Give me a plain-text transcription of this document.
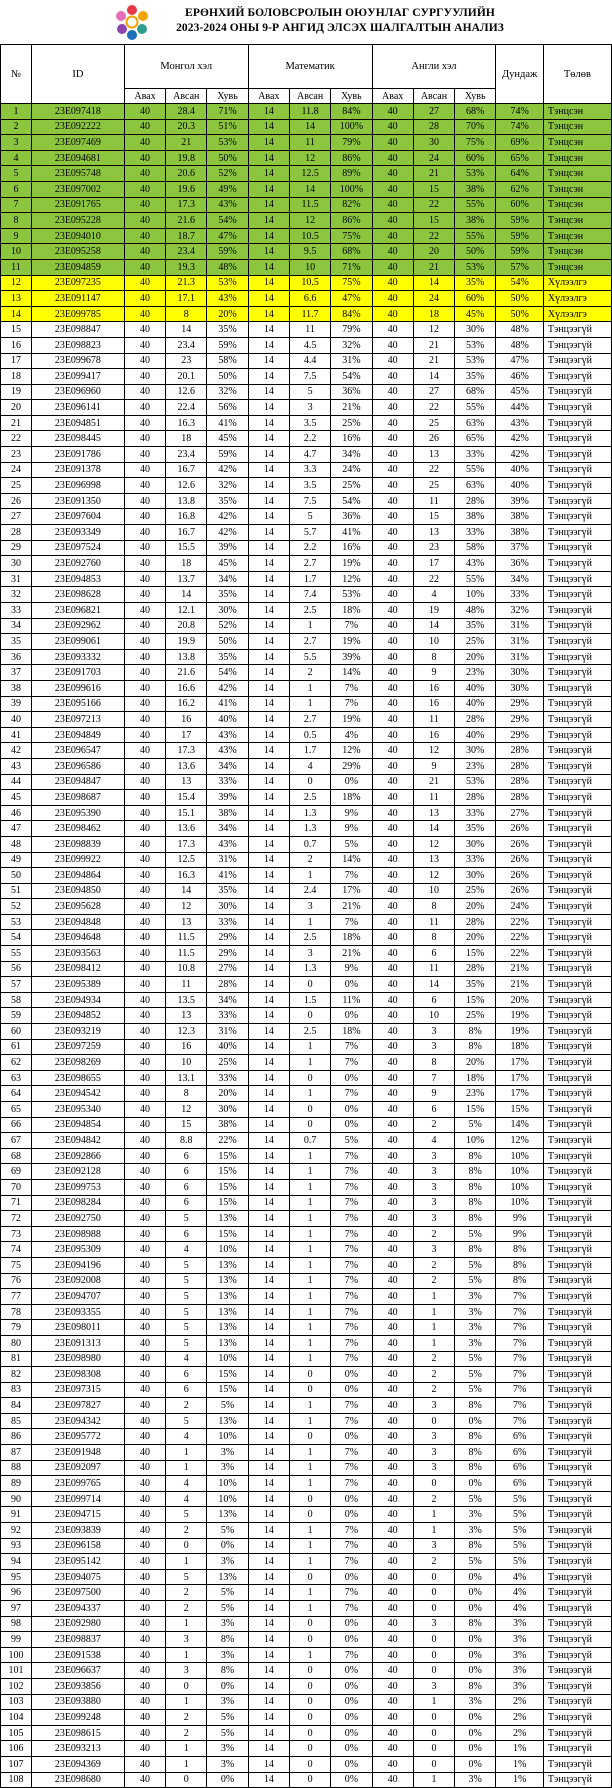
ЕРӨНХИЙ БОЛОВСРОЛЫН ОЮУНЛАГ СУРГУУЛИЙН
2023-2024 ОНЫ 9-Р АНГИД ЭЛСЭХ ШАЛГАЛТЫН АНАЛИЗ
№	ID	Монгол хэл			Математик			Англи хэл			Дундаж	Төлөв
		Авах	Авсан	Хувь	Авах	Авсан	Хувь	Авах	Авсан	Хувь		
1	23E097418	40	28.4	71%	14	11.8	84%	40	27	68%	74%	Тэнцсэн
2	23E092222	40	20.3	51%	14	14	100%	40	28	70%	74%	Тэнцсэн
3	23E097469	40	21	53%	14	11	79%	40	30	75%	69%	Тэнцсэн
4	23E094681	40	19.8	50%	14	12	86%	40	24	60%	65%	Тэнцсэн
5	23E095748	40	20.6	52%	14	12.5	89%	40	21	53%	64%	Тэнцсэн
6	23E097002	40	19.6	49%	14	14	100%	40	15	38%	62%	Тэнцсэн
7	23E091765	40	17.3	43%	14	11.5	82%	40	22	55%	60%	Тэнцсэн
8	23E095228	40	21.6	54%	14	12	86%	40	15	38%	59%	Тэнцсэн
9	23E094010	40	18.7	47%	14	10.5	75%	40	22	55%	59%	Тэнцсэн
10	23E095258	40	23.4	59%	14	9.5	68%	40	20	50%	59%	Тэнцсэн
11	23E094859	40	19.3	48%	14	10	71%	40	21	53%	57%	Тэнцсэн
12	23E097235	40	21.3	53%	14	10.5	75%	40	14	35%	54%	Хүлээлгэ
13	23E091147	40	17.1	43%	14	6.6	47%	40	24	60%	50%	Хүлээлгэ
14	23E099785	40	8	20%	14	11.7	84%	40	18	45%	50%	Хүлээлгэ
15	23E098847	40	14	35%	14	11	79%	40	12	30%	48%	Тэнцээгүй
16	23E098823	40	23.4	59%	14	4.5	32%	40	21	53%	48%	Тэнцээгүй
17	23E099678	40	23	58%	14	4.4	31%	40	21	53%	47%	Тэнцээгүй
18	23E099417	40	20.1	50%	14	7.5	54%	40	14	35%	46%	Тэнцээгүй
19	23E096960	40	12.6	32%	14	5	36%	40	27	68%	45%	Тэнцээгүй
20	23E096141	40	22.4	56%	14	3	21%	40	22	55%	44%	Тэнцээгүй
21	23E094851	40	16.3	41%	14	3.5	25%	40	25	63%	43%	Тэнцээгүй
22	23E098445	40	18	45%	14	2.2	16%	40	26	65%	42%	Тэнцээгүй
23	23E091786	40	23.4	59%	14	4.7	34%	40	13	33%	42%	Тэнцээгүй
24	23E091378	40	16.7	42%	14	3.3	24%	40	22	55%	40%	Тэнцээгүй
25	23E096998	40	12.6	32%	14	3.5	25%	40	25	63%	40%	Тэнцээгүй
26	23E091350	40	13.8	35%	14	7.5	54%	40	11	28%	39%	Тэнцээгүй
27	23E097604	40	16.8	42%	14	5	36%	40	15	38%	38%	Тэнцээгүй
28	23E093349	40	16.7	42%	14	5.7	41%	40	13	33%	38%	Тэнцээгүй
29	23E097524	40	15.5	39%	14	2.2	16%	40	23	58%	37%	Тэнцээгүй
30	23E092760	40	18	45%	14	2.7	19%	40	17	43%	36%	Тэнцээгүй
31	23E094853	40	13.7	34%	14	1.7	12%	40	22	55%	34%	Тэнцээгүй
32	23E098628	40	14	35%	14	7.4	53%	40	4	10%	33%	Тэнцээгүй
33	23E096821	40	12.1	30%	14	2.5	18%	40	19	48%	32%	Тэнцээгүй
34	23E092962	40	20.8	52%	14	1	7%	40	14	35%	31%	Тэнцээгүй
35	23E099061	40	19.9	50%	14	2.7	19%	40	10	25%	31%	Тэнцээгүй
36	23E093332	40	13.8	35%	14	5.5	39%	40	8	20%	31%	Тэнцээгүй
37	23E091703	40	21.6	54%	14	2	14%	40	9	23%	30%	Тэнцээгүй
38	23E099616	40	16.6	42%	14	1	7%	40	16	40%	30%	Тэнцээгүй
39	23E095166	40	16.2	41%	14	1	7%	40	16	40%	29%	Тэнцээгүй
40	23E097213	40	16	40%	14	2.7	19%	40	11	28%	29%	Тэнцээгүй
41	23E094849	40	17	43%	14	0.5	4%	40	16	40%	29%	Тэнцээгүй
42	23E096547	40	17.3	43%	14	1.7	12%	40	12	30%	28%	Тэнцээгүй
43	23E096586	40	13.6	34%	14	4	29%	40	9	23%	28%	Тэнцээгүй
44	23E094847	40	13	33%	14	0	0%	40	21	53%	28%	Тэнцээгүй
45	23E098687	40	15.4	39%	14	2.5	18%	40	11	28%	28%	Тэнцээгүй
46	23E095390	40	15.1	38%	14	1.3	9%	40	13	33%	27%	Тэнцээгүй
47	23E098462	40	13.6	34%	14	1.3	9%	40	14	35%	26%	Тэнцээгүй
48	23E098839	40	17.3	43%	14	0.7	5%	40	12	30%	26%	Тэнцээгүй
49	23E099922	40	12.5	31%	14	2	14%	40	13	33%	26%	Тэнцээгүй
50	23E094864	40	16.3	41%	14	1	7%	40	12	30%	26%	Тэнцээгүй
51	23E094850	40	14	35%	14	2.4	17%	40	10	25%	26%	Тэнцээгүй
52	23E095628	40	12	30%	14	3	21%	40	8	20%	24%	Тэнцээгүй
53	23E094848	40	13	33%	14	1	7%	40	11	28%	22%	Тэнцээгүй
54	23E094648	40	11.5	29%	14	2.5	18%	40	8	20%	22%	Тэнцээгүй
55	23E093563	40	11.5	29%	14	3	21%	40	6	15%	22%	Тэнцээгүй
56	23E098412	40	10.8	27%	14	1.3	9%	40	11	28%	21%	Тэнцээгүй
57	23E095389	40	11	28%	14	0	0%	40	14	35%	21%	Тэнцээгүй
58	23E094934	40	13.5	34%	14	1.5	11%	40	6	15%	20%	Тэнцээгүй
59	23E094852	40	13	33%	14	0	0%	40	10	25%	19%	Тэнцээгүй
60	23E093219	40	12.3	31%	14	2.5	18%	40	3	8%	19%	Тэнцээгүй
61	23E097259	40	16	40%	14	1	7%	40	3	8%	18%	Тэнцээгүй
62	23E098269	40	10	25%	14	1	7%	40	8	20%	17%	Тэнцээгүй
63	23E098655	40	13.1	33%	14	0	0%	40	7	18%	17%	Тэнцээгүй
64	23E094542	40	8	20%	14	1	7%	40	9	23%	17%	Тэнцээгүй
65	23E095340	40	12	30%	14	0	0%	40	6	15%	15%	Тэнцээгүй
66	23E094854	40	15	38%	14	0	0%	40	2	5%	14%	Тэнцээгүй
67	23E094842	40	8.8	22%	14	0.7	5%	40	4	10%	12%	Тэнцээгүй
68	23E092866	40	6	15%	14	1	7%	40	3	8%	10%	Тэнцээгүй
69	23E092128	40	6	15%	14	1	7%	40	3	8%	10%	Тэнцээгүй
70	23E099753	40	6	15%	14	1	7%	40	3	8%	10%	Тэнцээгүй
71	23E098284	40	6	15%	14	1	7%	40	3	8%	10%	Тэнцээгүй
72	23E092750	40	5	13%	14	1	7%	40	3	8%	9%	Тэнцээгүй
73	23E098988	40	6	15%	14	1	7%	40	2	5%	9%	Тэнцээгүй
74	23E095309	40	4	10%	14	1	7%	40	3	8%	8%	Тэнцээгүй
75	23E094196	40	5	13%	14	1	7%	40	2	5%	8%	Тэнцээгүй
76	23E092008	40	5	13%	14	1	7%	40	2	5%	8%	Тэнцээгүй
77	23E094707	40	5	13%	14	1	7%	40	1	3%	7%	Тэнцээгүй
78	23E093355	40	5	13%	14	1	7%	40	1	3%	7%	Тэнцээгүй
79	23E098011	40	5	13%	14	1	7%	40	1	3%	7%	Тэнцээгүй
80	23E091313	40	5	13%	14	1	7%	40	1	3%	7%	Тэнцээгүй
81	23E098980	40	4	10%	14	1	7%	40	2	5%	7%	Тэнцээгүй
82	23E098308	40	6	15%	14	0	0%	40	2	5%	7%	Тэнцээгүй
83	23E097315	40	6	15%	14	0	0%	40	2	5%	7%	Тэнцээгүй
84	23E097827	40	2	5%	14	1	7%	40	3	8%	7%	Тэнцээгүй
85	23E094342	40	5	13%	14	1	7%	40	0	0%	7%	Тэнцээгүй
86	23E095772	40	4	10%	14	0	0%	40	3	8%	6%	Тэнцээгүй
87	23E091948	40	1	3%	14	1	7%	40	3	8%	6%	Тэнцээгүй
88	23E092097	40	1	3%	14	1	7%	40	3	8%	6%	Тэнцээгүй
89	23E099765	40	4	10%	14	1	7%	40	0	0%	6%	Тэнцээгүй
90	23E099714	40	4	10%	14	0	0%	40	2	5%	5%	Тэнцээгүй
91	23E094715	40	5	13%	14	0	0%	40	1	3%	5%	Тэнцээгүй
92	23E093839	40	2	5%	14	1	7%	40	1	3%	5%	Тэнцээгүй
93	23E096158	40	0	0%	14	1	7%	40	3	8%	5%	Тэнцээгүй
94	23E095142	40	1	3%	14	1	7%	40	2	5%	5%	Тэнцээгүй
95	23E094075	40	5	13%	14	0	0%	40	0	0%	4%	Тэнцээгүй
96	23E097500	40	2	5%	14	1	7%	40	0	0%	4%	Тэнцээгүй
97	23E094337	40	2	5%	14	1	7%	40	0	0%	4%	Тэнцээгүй
98	23E092980	40	1	3%	14	0	0%	40	3	8%	3%	Тэнцээгүй
99	23E098837	40	3	8%	14	0	0%	40	0	0%	3%	Тэнцээгүй
100	23E091538	40	1	3%	14	1	7%	40	0	0%	3%	Тэнцээгүй
101	23E096637	40	3	8%	14	0	0%	40	0	0%	3%	Тэнцээгүй
102	23E093856	40	0	0%	14	0	0%	40	3	8%	3%	Тэнцээгүй
103	23E093880	40	1	3%	14	0	0%	40	1	3%	2%	Тэнцээгүй
104	23E099248	40	2	5%	14	0	0%	40	0	0%	2%	Тэнцээгүй
105	23E098615	40	2	5%	14	0	0%	40	0	0%	2%	Тэнцээгүй
106	23E093213	40	1	3%	14	0	0%	40	0	0%	1%	Тэнцээгүй
107	23E094369	40	1	3%	14	0	0%	40	0	0%	1%	Тэнцээгүй
108	23E098680	40	0	0%	14	0	0%	40	1	3%	1%	Тэнцээгүй
